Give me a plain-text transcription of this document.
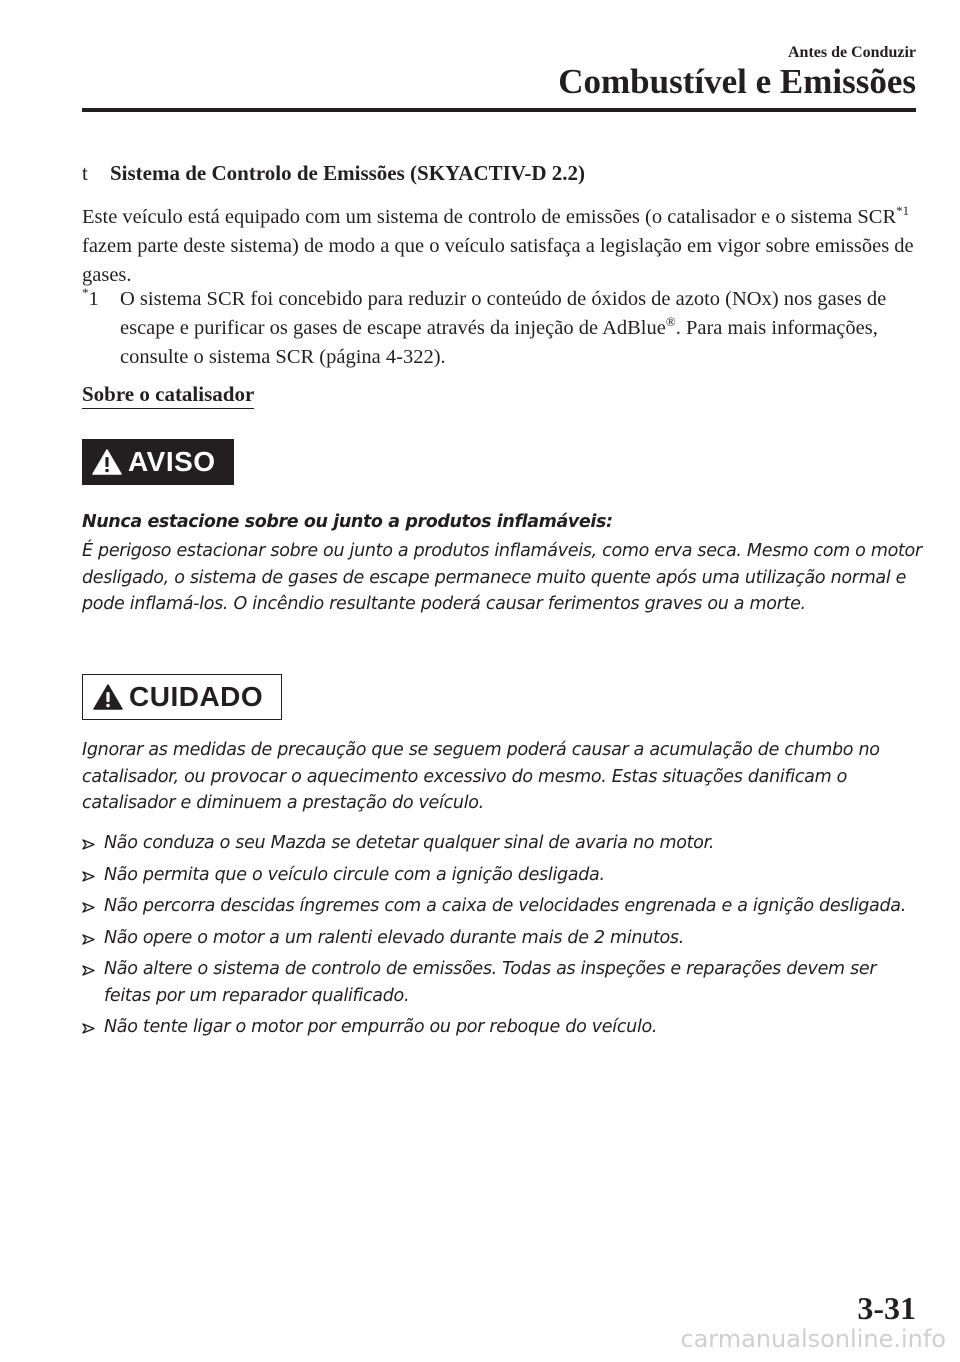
Antes de Conduzir
Combustível e Emissões
t Sistema de Controlo de Emissões (SKYACTIV-D 2.2)
Este veículo está equipado com um sistema de controlo de emissões (o catalisador e o sistema SCR$^{*1}$ fazem parte deste sistema) de modo a que o veículo satisfaça a legislação em vigor sobre emissões de gases.
*1	O sistema SCR foi concebido para reduzir o conteúdo de óxidos de azoto (NOx) nos gases de escape e purificar os gases de escape através da injeção de AdBlue®. Para mais informações, consulte o sistema SCR (página 4-322).
Sobre o catalisador
AVISO
Nunca estacione sobre ou junto a produtos inflamáveis:
É perigoso estacionar sobre ou junto a produtos inflamáveis, como erva seca. Mesmo com o motor desligado, o sistema de gases de escape permanece muito quente após uma utilização normal e pode inflamá-los. O incêndio resultante poderá causar ferimentos graves ou a morte.
CUIDADO
Ignorar as medidas de precaução que se seguem poderá causar a acumulação de chumbo no catalisador, ou provocar o aquecimento excessivo do mesmo. Estas situações danificam o catalisador e diminuem a prestação do veículo.
Não conduza o seu Mazda se detetar qualquer sinal de avaria no motor.
Não permita que o veículo circule com a ignição desligada.
Não percorra descidas íngremes com a caixa de velocidades engrenada e a ignição desligada.
Não opere o motor a um ralenti elevado durante mais de 2 minutos.
Não altere o sistema de controlo de emissões. Todas as inspeções e reparações devem ser feitas por um reparador qualificado.
Não tente ligar o motor por empurrão ou por reboque do veículo.
3-31
carmanualsonline.info
